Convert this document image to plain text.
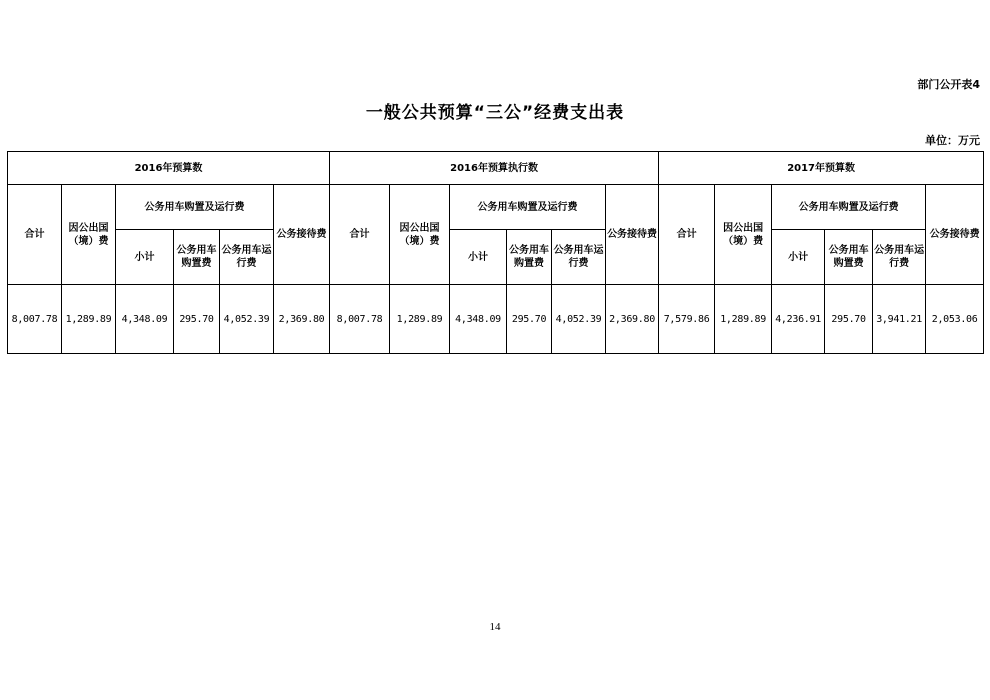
部门公开表4
一般公共预算“三公”经费支出表
单位：万元
2016年预算数						2016年预算执行数						2017年预算数					
合计	因公出国（境）费	公务用车购置及运行费			公务接待费	合计	因公出国（境）费	公务用车购置及运行费			公务接待费	合计	因公出国（境）费	公务用车购置及运行费			公务接待费
		小计	公务用车购置费	公务用车运行费				小计	公务用车购置费	公务用车运行费				小计	公务用车购置费	公务用车运行费	
8,007.78	1,289.89	4,348.09	295.70	4,052.39	2,369.80	8,007.78	1,289.89	4,348.09	295.70	4,052.39	2,369.80	7,579.86	1,289.89	4,236.91	295.70	3,941.21	2,053.06
14
